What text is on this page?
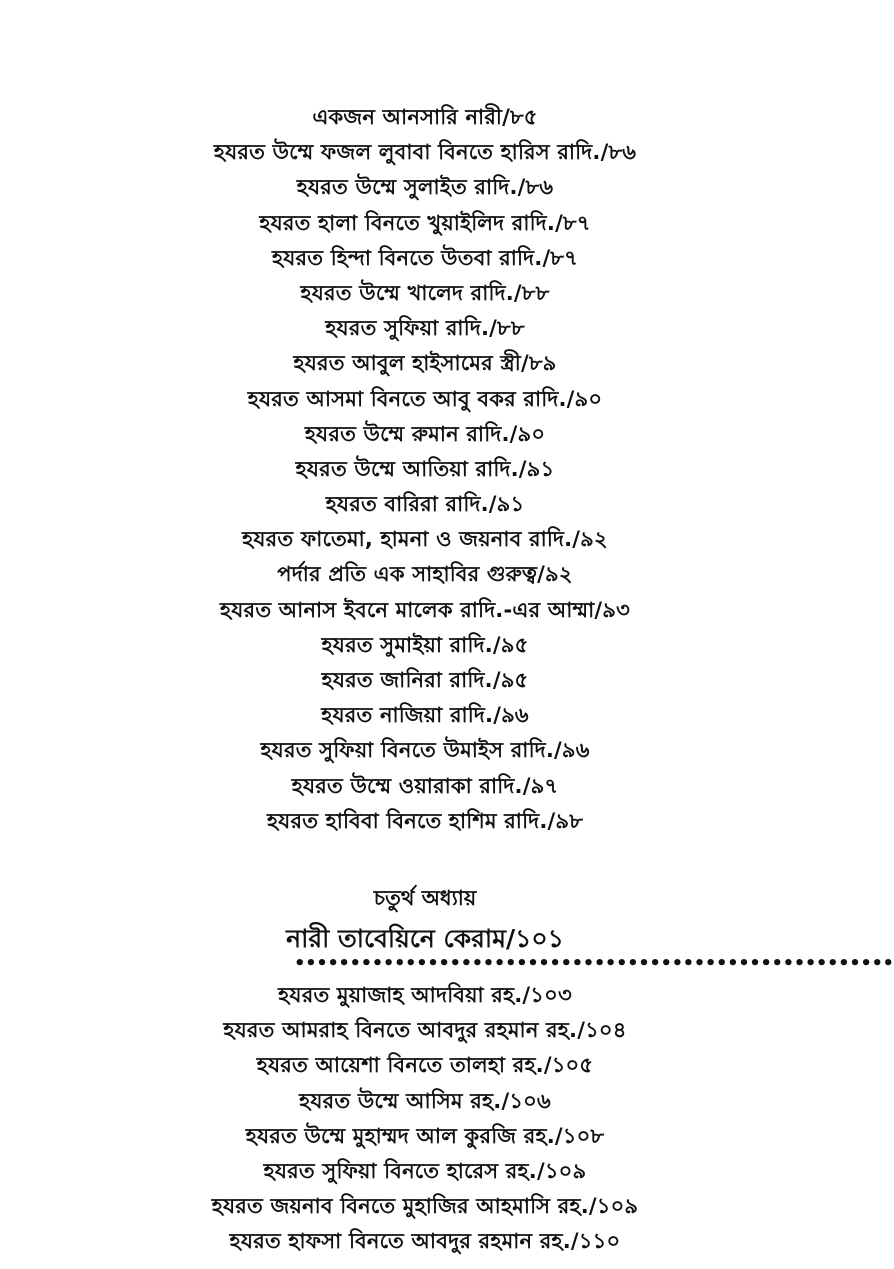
একজন আনসারি নারী/৮৫
হযরত উম্মে ফজল লুবাবা বিনতে হারিস রাদি./৮৬
হযরত উম্মে সুলাইত রাদি./৮৬
হযরত হালা বিনতে খুয়াইলিদ রাদি./৮৭
হযরত হিন্দা বিনতে উতবা রাদি./৮৭
হযরত উম্মে খালেদ রাদি./৮৮
হযরত সুফিয়া রাদি./৮৮
হযরত আবুল হাইসামের স্ত্রী/৮৯
হযরত আসমা বিনতে আবু বকর রাদি./৯০
হযরত উম্মে রুমান রাদি./৯০
হযরত উম্মে আতিয়া রাদি./৯১
হযরত বারিরা রাদি./৯১
হযরত ফাতেমা, হামনা ও জয়নাব রাদি./৯২
পর্দার প্রতি এক সাহাবির গুরুত্ব/৯২
হযরত আনাস ইবনে মালেক রাদি.-এর আম্মা/৯৩
হযরত সুমাইয়া রাদি./৯৫
হযরত জানিরা রাদি./৯৫
হযরত নাজিয়া রাদি./৯৬
হযরত সুফিয়া বিনতে উমাইস রাদি./৯৬
হযরত উম্মে ওয়ারাকা রাদি./৯৭
হযরত হাবিবা বিনতে হাশিম রাদি./৯৮
চতুর্থ অধ্যায়
নারী তাবেয়িনে কেরাম/১০১
••••••••••••••••••••••••••••••••••••••••••••••••••••••
হযরত মুয়াজাহ আদবিয়া রহ./১০৩
হযরত আমরাহ বিনতে আবদুর রহমান রহ./১০৪
হযরত আয়েশা বিনতে তালহা রহ./১০৫
হযরত উম্মে আসিম রহ./১০৬
হযরত উম্মে মুহাম্মদ আল কুরজি রহ./১০৮
হযরত সুফিয়া বিনতে হারেস রহ./১০৯
হযরত জয়নাব বিনতে মুহাজির আহমাসি রহ./১০৯
হযরত হাফসা বিনতে আবদুর রহমান রহ./১১০
